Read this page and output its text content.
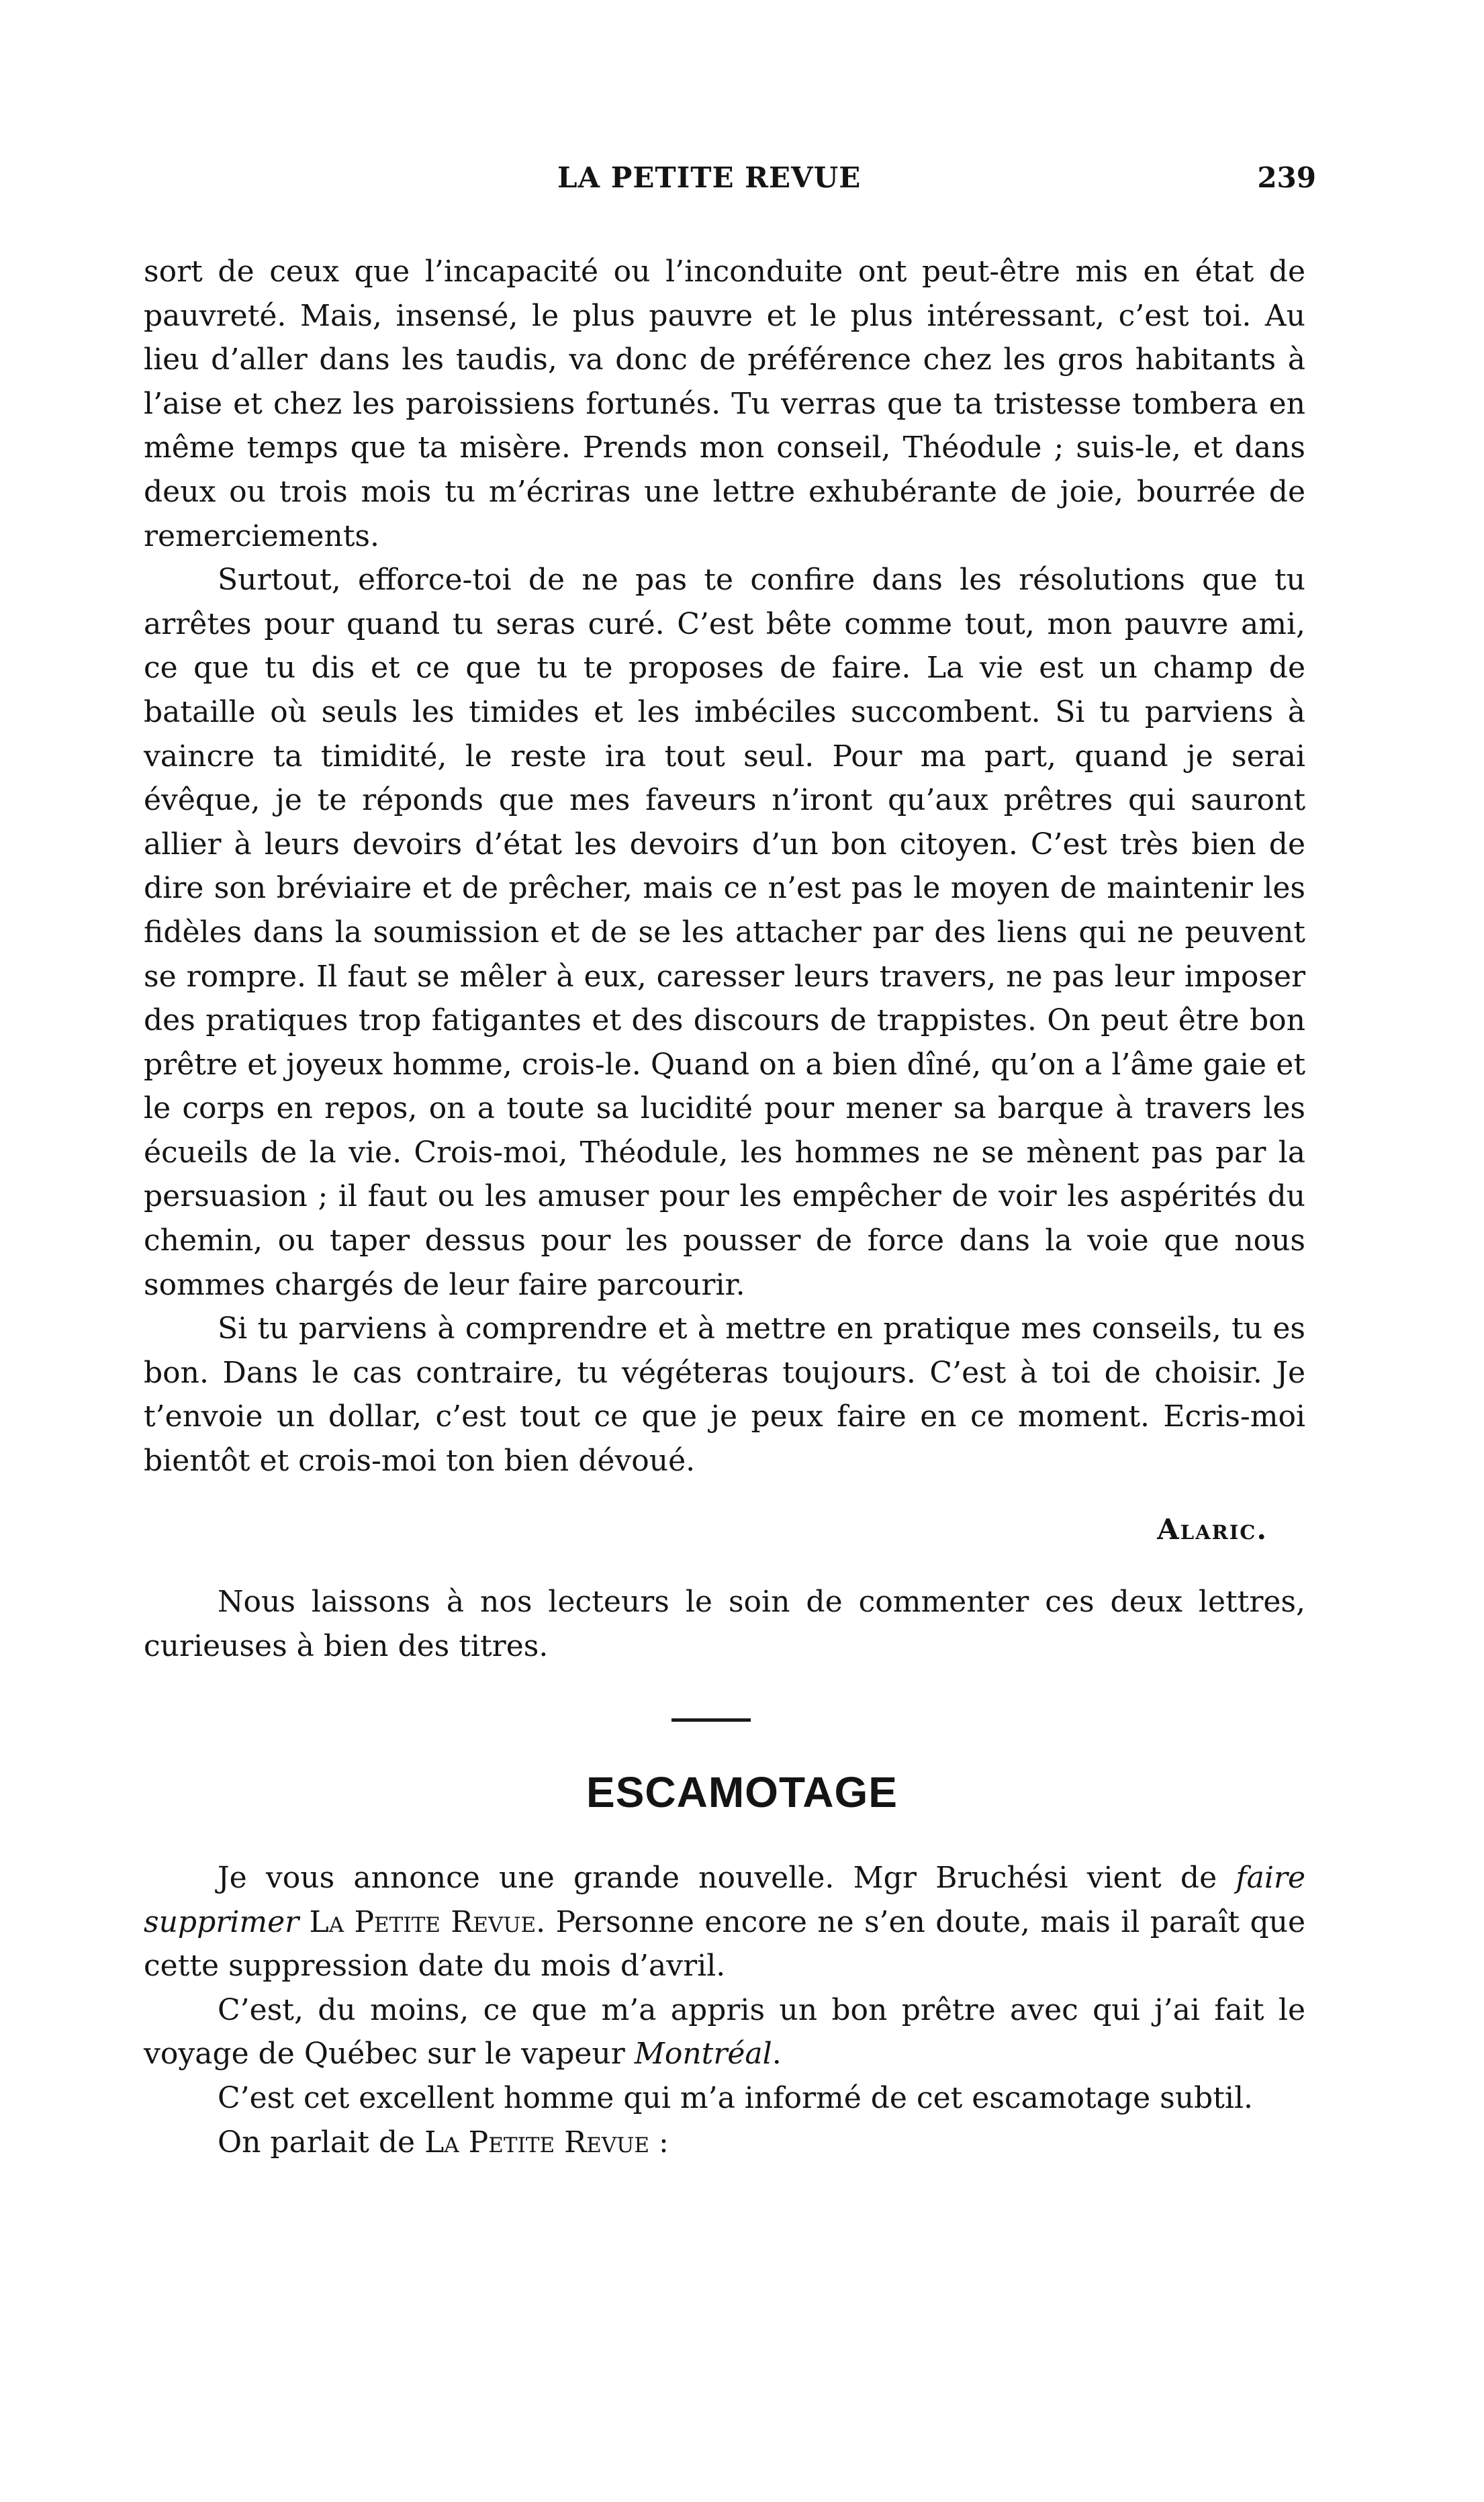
LA PETITE REVUE	239

sort de ceux que l’incapacité ou l’inconduite ont peut-être mis en état de pauvreté. Mais, insensé, le plus pauvre et le plus intéressant, c’est toi. Au lieu d’aller dans les taudis, va donc de préférence chez les gros habitants à l’aise et chez les paroissiens fortunés. Tu verras que ta tristesse tombera en même temps que ta misère. Prends mon conseil, Théodule ; suis-le, et dans deux ou trois mois tu m’écriras une lettre exhubérante de joie, bourrée de remerciements.

Surtout, efforce-toi de ne pas te confire dans les résolutions que tu arrêtes pour quand tu seras curé. C’est bête comme tout, mon pauvre ami, ce que tu dis et ce que tu te proposes de faire. La vie est un champ de bataille où seuls les timides et les imbéciles succombent. Si tu parviens à vaincre ta timidité, le reste ira tout seul. Pour ma part, quand je serai évêque, je te réponds que mes faveurs n’iront qu’aux prêtres qui sauront allier à leurs devoirs d’état les devoirs d’un bon citoyen. C’est très bien de dire son bréviaire et de prêcher, mais ce n’est pas le moyen de maintenir les fidèles dans la soumission et de se les attacher par des liens qui ne peuvent se rompre. Il faut se mêler à eux, caresser leurs travers, ne pas leur imposer des pratiques trop fatigantes et des discours de trappistes. On peut être bon prêtre et joyeux homme, crois-le. Quand on a bien dîné, qu’on a l’âme gaie et le corps en repos, on a toute sa lucidité pour mener sa barque à travers les écueils de la vie. Crois-moi, Théodule, les hommes ne se mènent pas par la persuasion ; il faut ou les amuser pour les empêcher de voir les aspérités du chemin, ou taper dessus pour les pousser de force dans la voie que nous sommes chargés de leur faire parcourir.

Si tu parviens à comprendre et à mettre en pratique mes conseils, tu es bon. Dans le cas contraire, tu végéteras toujours. C’est à toi de choisir. Je t’envoie un dollar, c’est tout ce que je peux faire en ce moment. Ecris-moi bientôt et crois-moi ton bien dévoué.

Alaric.

Nous laissons à nos lecteurs le soin de commenter ces deux lettres, curieuses à bien des titres.

ESCAMOTAGE

Je vous annonce une grande nouvelle. Mgr Bruchési vient de faire supprimer La Petite Revue. Personne encore ne s’en doute, mais il paraît que cette suppression date du mois d’avril.

C’est, du moins, ce que m’a appris un bon prêtre avec qui j’ai fait le voyage de Québec sur le vapeur Montréal.

C’est cet excellent homme qui m’a informé de cet escamotage subtil.

On parlait de La Petite Revue :
